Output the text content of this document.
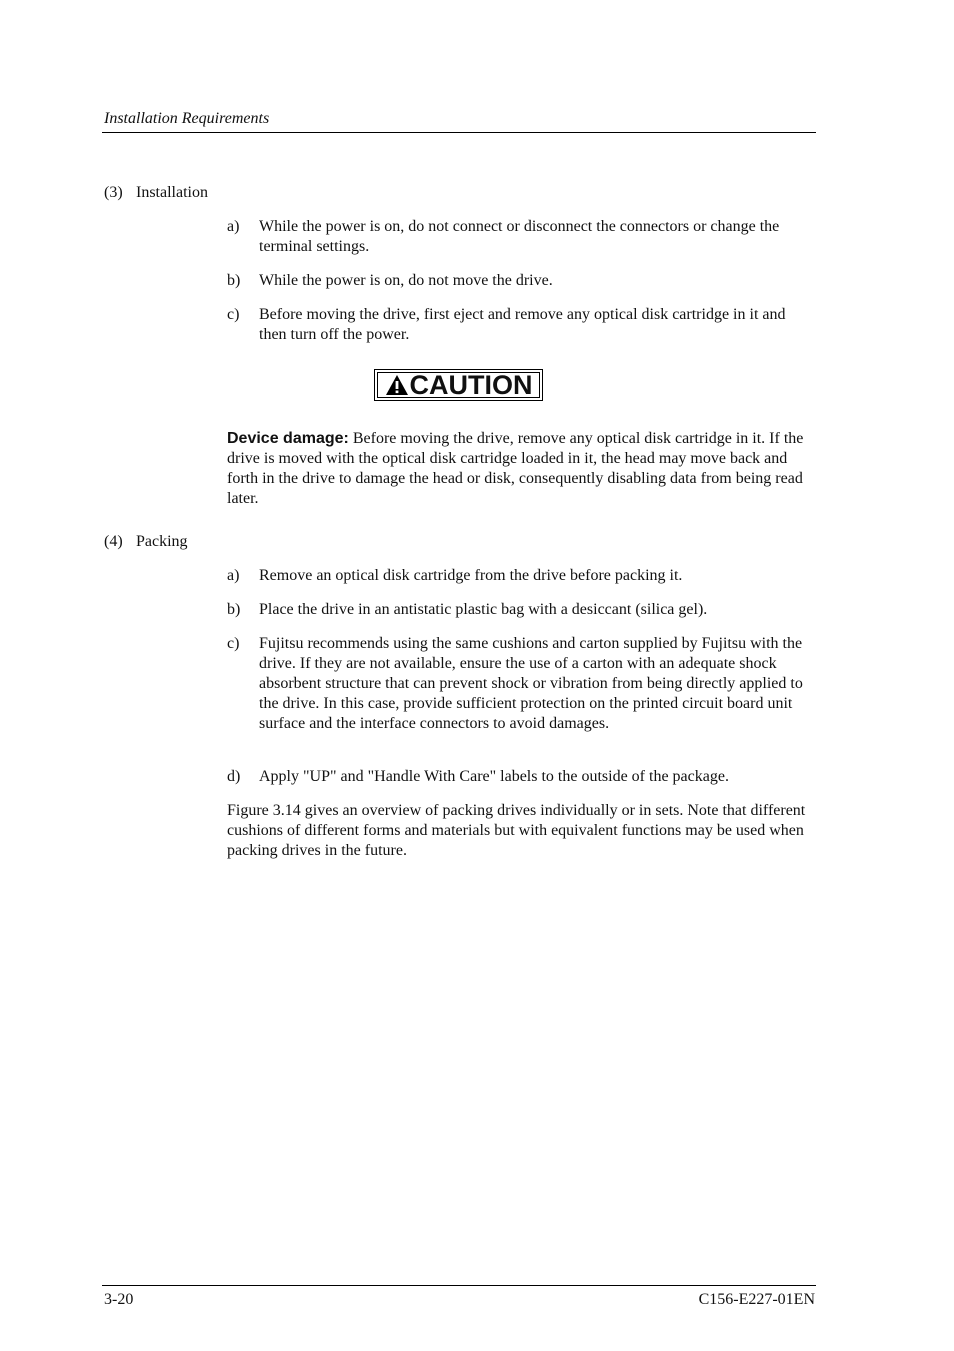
Installation Requirements
(3) Installation
a)	While the power is on, do not connect or disconnect the connectors or change the terminal settings.
b)	While the power is on, do not move the drive.
c)	Before moving the drive, first eject and remove any optical disk cartridge in it and then turn off the power.
CAUTION
Device damage: Before moving the drive, remove any optical disk cartridge in it. If the drive is moved with the optical disk cartridge loaded in it, the head may move back and forth in the drive to damage the head or disk, consequently disabling data from being read later.
(4) Packing
a)	Remove an optical disk cartridge from the drive before packing it.
b)	Place the drive in an antistatic plastic bag with a desiccant (silica gel).
c)	Fujitsu recommends using the same cushions and carton supplied by Fujitsu with the drive. If they are not available, ensure the use of a carton with an adequate shock absorbent structure that can prevent shock or vibration from being directly applied to the drive. In this case, provide sufficient protection on the printed circuit board unit surface and the interface connectors to avoid damages.
d)	Apply "UP" and "Handle With Care" labels to the outside of the package.
Figure 3.14 gives an overview of packing drives individually or in sets. Note that different cushions of different forms and materials but with equivalent functions may be used when packing drives in the future.
3-20	C156-E227-01EN
